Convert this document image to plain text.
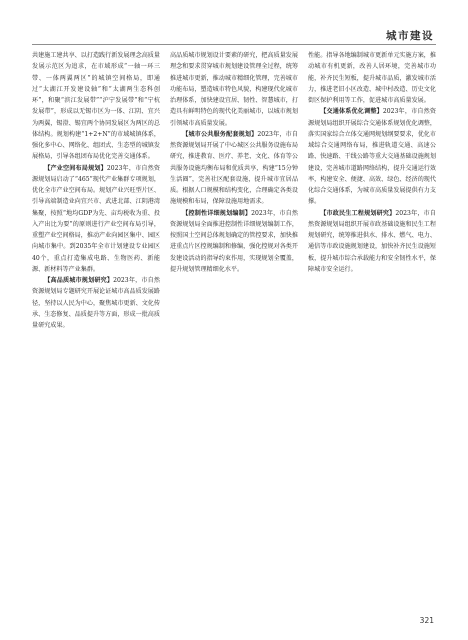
城市建设

共建施工建共享、以打造践行新发展理念高质量发展示范区为追求，在市域形成“一轴一环三带、一体两翼两区”的城镇空间格局，即通过“太湖江开发建设轴”和“太湖两生态科创环”，和聚“滨江发展带”“沪宁发展带”和“宁杭发展带”，形成以无锡市区为一体、江阴、宜兴为两翼，锡澄、锡宜两个协同发展区为两区的总体结构。规划构建“1+2+N”的市域城镇体系，强化多中心、网络化、组团式、生态型的城镇发展格局，引导各组团布局优化完善交通体系。

【产业空间布局规划】2023年，市自然资源规划局启动了“465”现代产业集群专项规划，优化全市产业空间布局。规划产业兴旺型片区、引导高端制造业向宜兴市、武进北部、江阴港湾集聚，按照“地均GDP为先、亩均税收为重、投入产出比为要”的原则进行产业空间布局引导，重塑产业空间格局，推动产业向园区集中、园区向城市集中。到2035年全市计划建设专业园区40个，重点打造集成电路、生物医药、新能源、新材料等产业集群。

【高品质城市规划研究】2023年，市自然资源规划局专题研究开展论证城市高品质发展路径，坚持以人民为中心，聚焦城市更新、文化传承、生态修复、品质提升等方面，形成一批高质量研究成果。

高品质城市规划设计要素的研究，把高质量发展理念和要求贯穿城市规划建设管理全过程，统筹推进城市更新，推动城市精细化管理，完善城市功能布局，塑造城市特色风貌，构建现代化城市治理体系，加快建设宜居、韧性、智慧城市，打造具有鲜明特色的现代化美丽城市，以城市规划引领城市高质量发展。

【城市公共服务配套规划】2023年，市自然资源规划局开展了中心城区公共服务设施布局研究，推进教育、医疗、养老、文化、体育等公共服务设施均衡布局和优质共享，构建“15分钟生活圈”，完善社区配套设施，提升城市宜居品质。根据人口规模和结构变化，合理确定各类设施规模和布局，保障设施用地需求。

【控制性详细规划编制】2023年，市自然资源规划局全面推进控制性详细规划编制工作，按照国土空间总体规划确定的管控要求，加快推进重点片区控规编制和修编，强化控规对各类开发建设活动的指导约束作用，实现规划全覆盖，提升规划管理精细化水平。

性能。指导各地编制城市更新单元实施方案，推动城市有机更新，改善人居环境，完善城市功能，补齐民生短板，提升城市品质，激发城市活力，推进老旧小区改造、城中村改造、历史文化街区保护利用等工作，促进城市高质量发展。

【交通体系优化调整】2023年，市自然资源规划局组织开展综合交通体系规划优化调整，落实国家综合立体交通网规划纲要要求，优化市域综合交通网络布局，推进轨道交通、高速公路、快速路、干线公路等重大交通基础设施规划建设，完善城市道路网络结构，提升交通运行效率，构建安全、便捷、高效、绿色、经济的现代化综合交通体系，为城市高质量发展提供有力支撑。

【市政民生工程规划研究】2023年，市自然资源规划局组织开展市政基础设施和民生工程规划研究，统筹推进供水、排水、燃气、电力、通信等市政设施规划建设，加快补齐民生设施短板，提升城市综合承载能力和安全韧性水平，保障城市安全运行。

321
